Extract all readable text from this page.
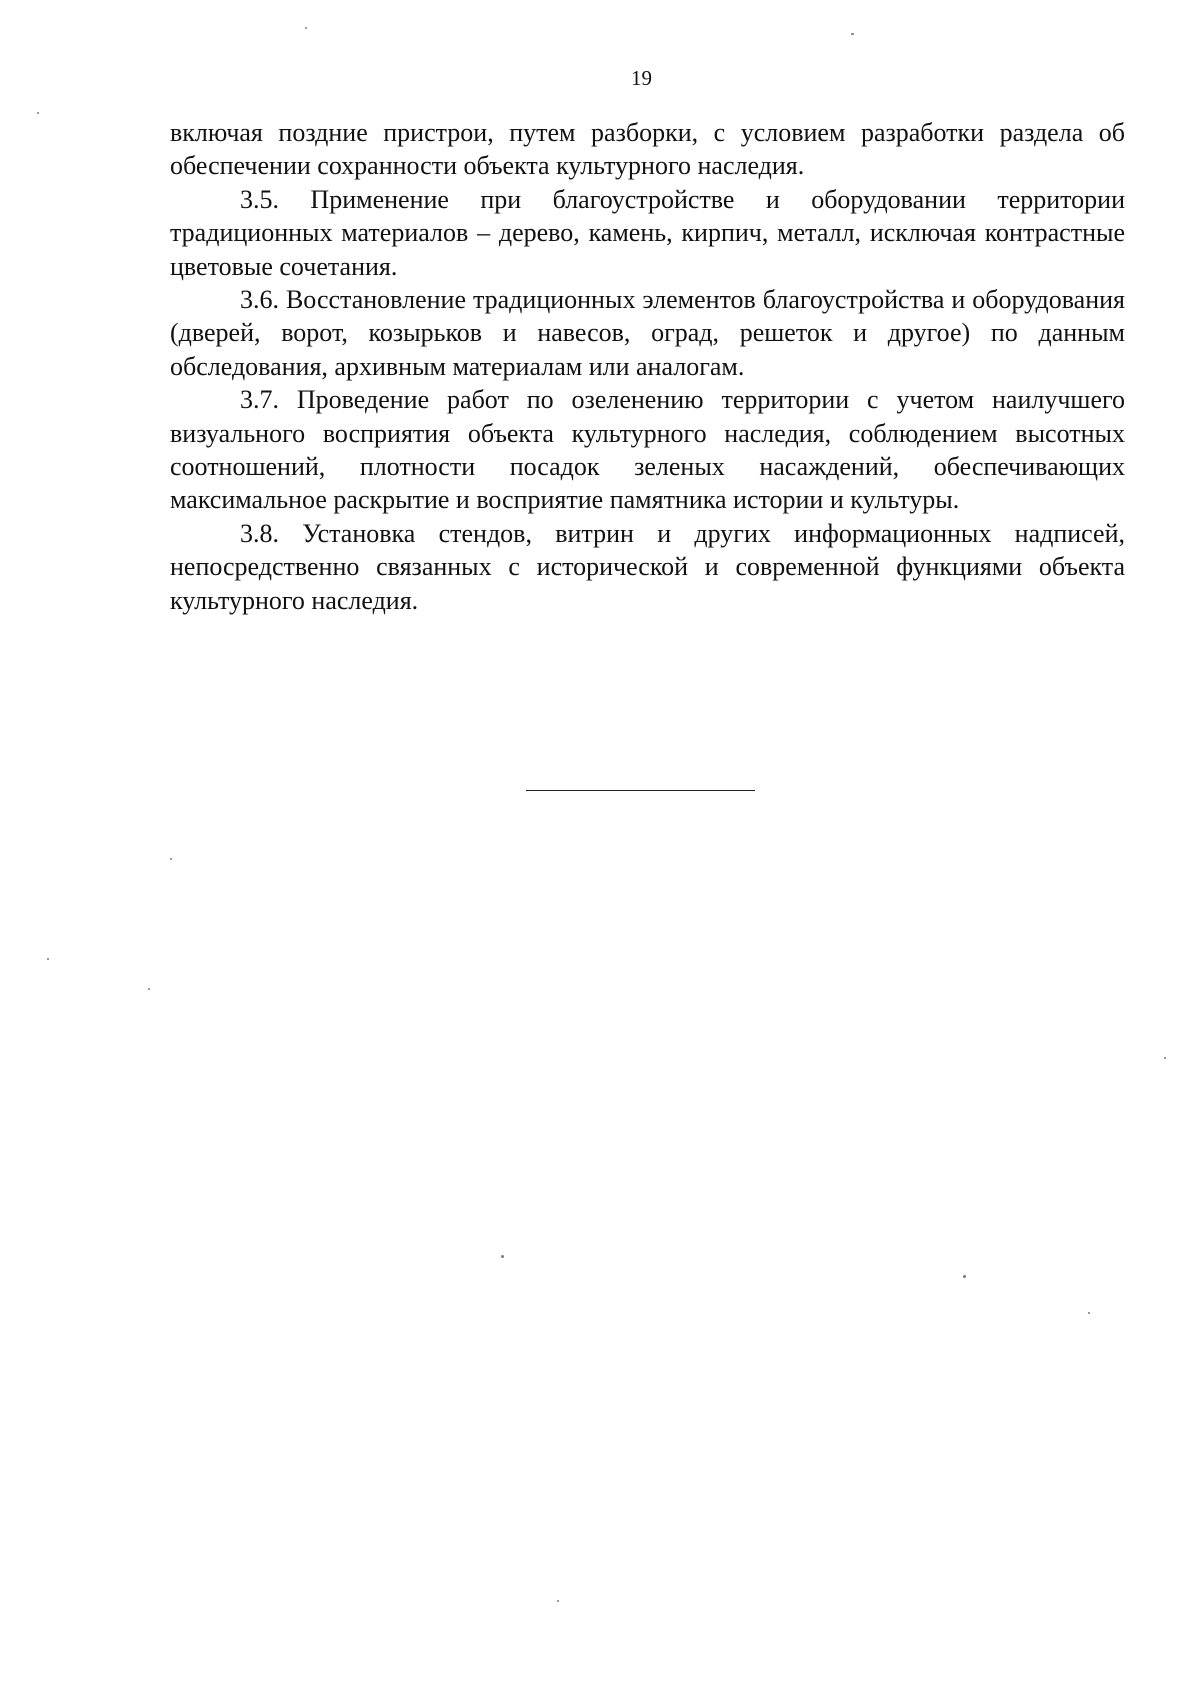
19

включая поздние пристрои, путем разборки, с условием разработки раздела об обеспечении сохранности объекта культурного наследия.

3.5. Применение при благоустройстве и оборудовании территории традиционных материалов – дерево, камень, кирпич, металл, исключая контрастные цветовые сочетания.

3.6. Восстановление традиционных элементов благоустройства и оборудования (дверей, ворот, козырьков и навесов, оград, решеток и другое) по данным обследования, архивным материалам или аналогам.

3.7. Проведение работ по озеленению территории с учетом наилучшего визуального восприятия объекта культурного наследия, соблюдением высотных соотношений, плотности посадок зеленых насаждений, обеспечивающих максимальное раскрытие и восприятие памятника истории и культуры.

3.8. Установка стендов, витрин и других информационных надписей, непосредственно связанных с исторической и современной функциями объекта культурного наследия.
